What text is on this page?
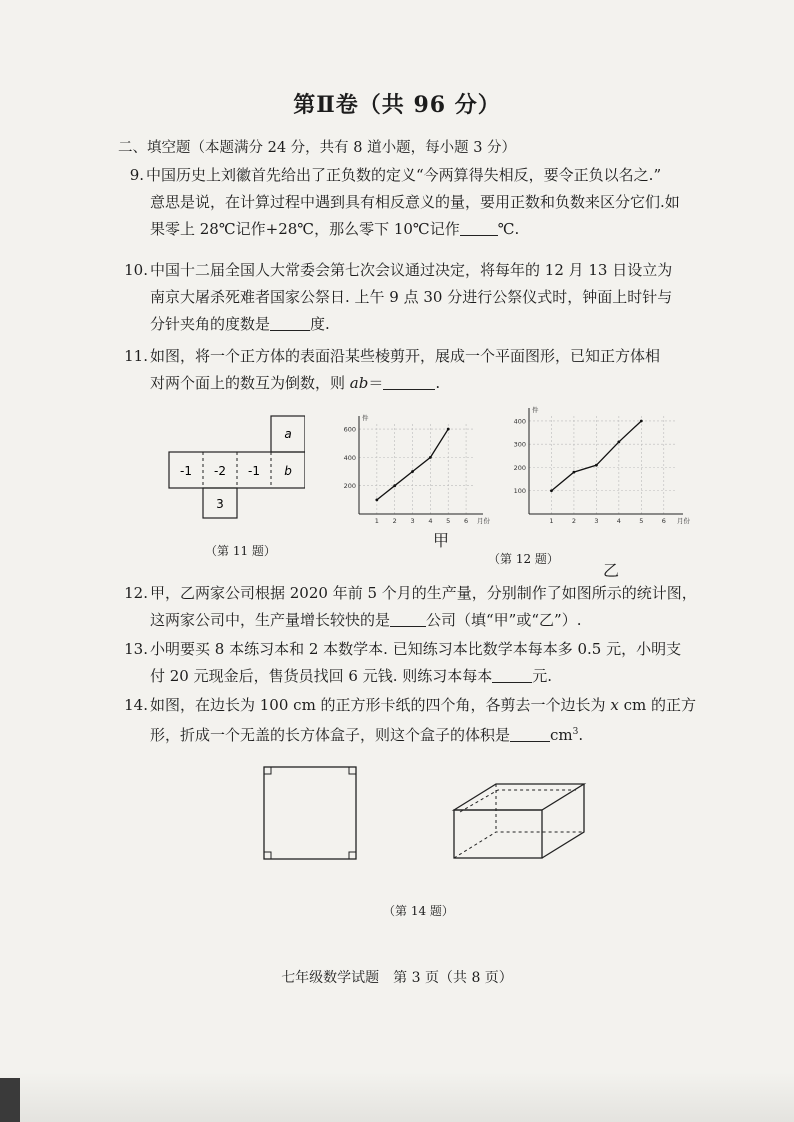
第Ⅱ卷（共 96 分）
二、填空题（本题满分 24 分，共有 8 道小题，每小题 3 分）
9. 中国历史上刘徽首先给出了正负数的定义“今两算得失相反，要令正负以名之.”
意思是说，在计算过程中遇到具有相反意义的量，要用正数和负数来区分它们.如
果零上 28℃记作+28℃，那么零下 10℃记作	℃.
10. 中国十二届全国人大常委会第七次会议通过决定，将每年的 12 月 13 日设立为
南京大屠杀死难者国家公祭日. 上午 9 点 30 分进行公祭仪式时，钟面上时针与
分针夹角的度数是	度.
11. 如图，将一个正方体的表面沿某些棱剪开，展成一个平面图形，已知正方体相
对两个面上的数互为倒数，则 ab＝	.
-1 -2 -1 b
a
3
（第 11 题）
200
400
600
1 2 3 4 5 6
件
月份
100
200
300
400
1	2	3	4	5	6
件
月份
甲
（第 12 题）
乙
12. 甲，乙两家公司根据 2020 年前 5 个月的生产量，分别制作了如图所示的统计图，
这两家公司中，生产量增长较快的是 公司（填“甲”或“乙”）.
13. 小明要买 8 本练习本和 2 本数学本. 已知练习本比数学本每本多 0.5 元，小明支
付 20 元现金后，售货员找回 6 元钱. 则练习本每本	元.
14. 如图，在边长为 100 cm 的正方形卡纸的四个角，各剪去一个边长为 x cm 的正方
形，折成一个无盖的长方体盒子，则这个盒子的体积是	$cm^3$.
（第 14 题）
七年级数学试题　第 3 页（共 8 页）
